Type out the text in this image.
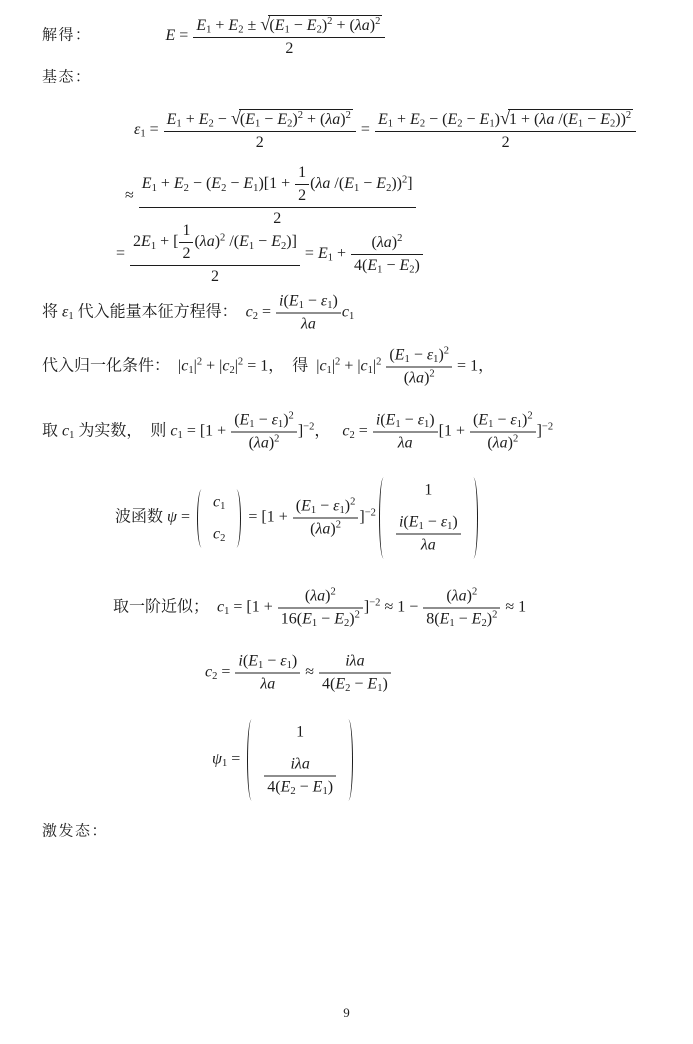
解得：	$E = \frac{E_1 + E_2 \pm √(E_1 - E_2)^2 + (\lambda a)^2}{2}$
基态：
$\varepsilon_1 = \frac{E_1 + E_2 - √(E_1 - E_2)^2 + (\lambda a)^2}{2} = \frac{E_1 + E_2 - (E_2 - E_1)√1 + (\lambda a /(E_1 - E_2))^2}{2}$
≈ $\frac{E_1 + E_2 - (E_2 - E_1)[1 + \frac{1}{2} (\lambda a /(E_1 - E_2))^2]}{2}$
= $\frac{2E_1 + [ \frac{1}{2} (\lambda a)^2 /(E_1 - E_2)]}{2} = E_1 + \frac{(\lambda a)^2}{4(E_1 - E_2)}$
将 $\varepsilon_1$ 代入能量本征方程得：  $c_2 = \frac{i(E_1 - \varepsilon_1)}{\lambda a} c_1$
代入归一化条件：  $|c_1|^2 + |c_2|^2 = 1$，  得  $|c_1|^2 + |c_1|^2 \frac{(E_1 - \varepsilon_1)^2}{(\lambda a)^2} = 1$，
取 $c_1$ 为实数，  则 $c_1 = [1 + \frac{(E_1 - \varepsilon_1)^2}{(\lambda a)^2} ]^{-2}$，   $c_2 = \frac{i(E_1 - \varepsilon_1)}{\lambda a} [1 + \frac{(E_1 - \varepsilon_1)^2}{(\lambda a)^2} ]^{-2}$
波函数 ψ =
$c_1$
$c_2$
= $[1 + \frac{(E_1 - \varepsilon_1)^2}{(\lambda a)^2} ]^{-2}$
1
$\frac{i(E_1 - \varepsilon_1)}{\lambda a}$
取一阶近似；  $c_1 = [1 + \frac{(\lambda a)^2}{16(E_1 - E_2)^2} ]^{-2} \approx 1 - \frac{(\lambda a)^2}{8(E_1 - E_2)^2} \approx 1$
$c_2 = \frac{i(E_1 - \varepsilon_1)}{\lambda a} \approx \frac{\text{iλa}}{4(E_2 - E_1)}$
$\psi_1$ =
1
$\frac{\text{iλa}}{4(E_2 - E_1)}$
激发态：
9
